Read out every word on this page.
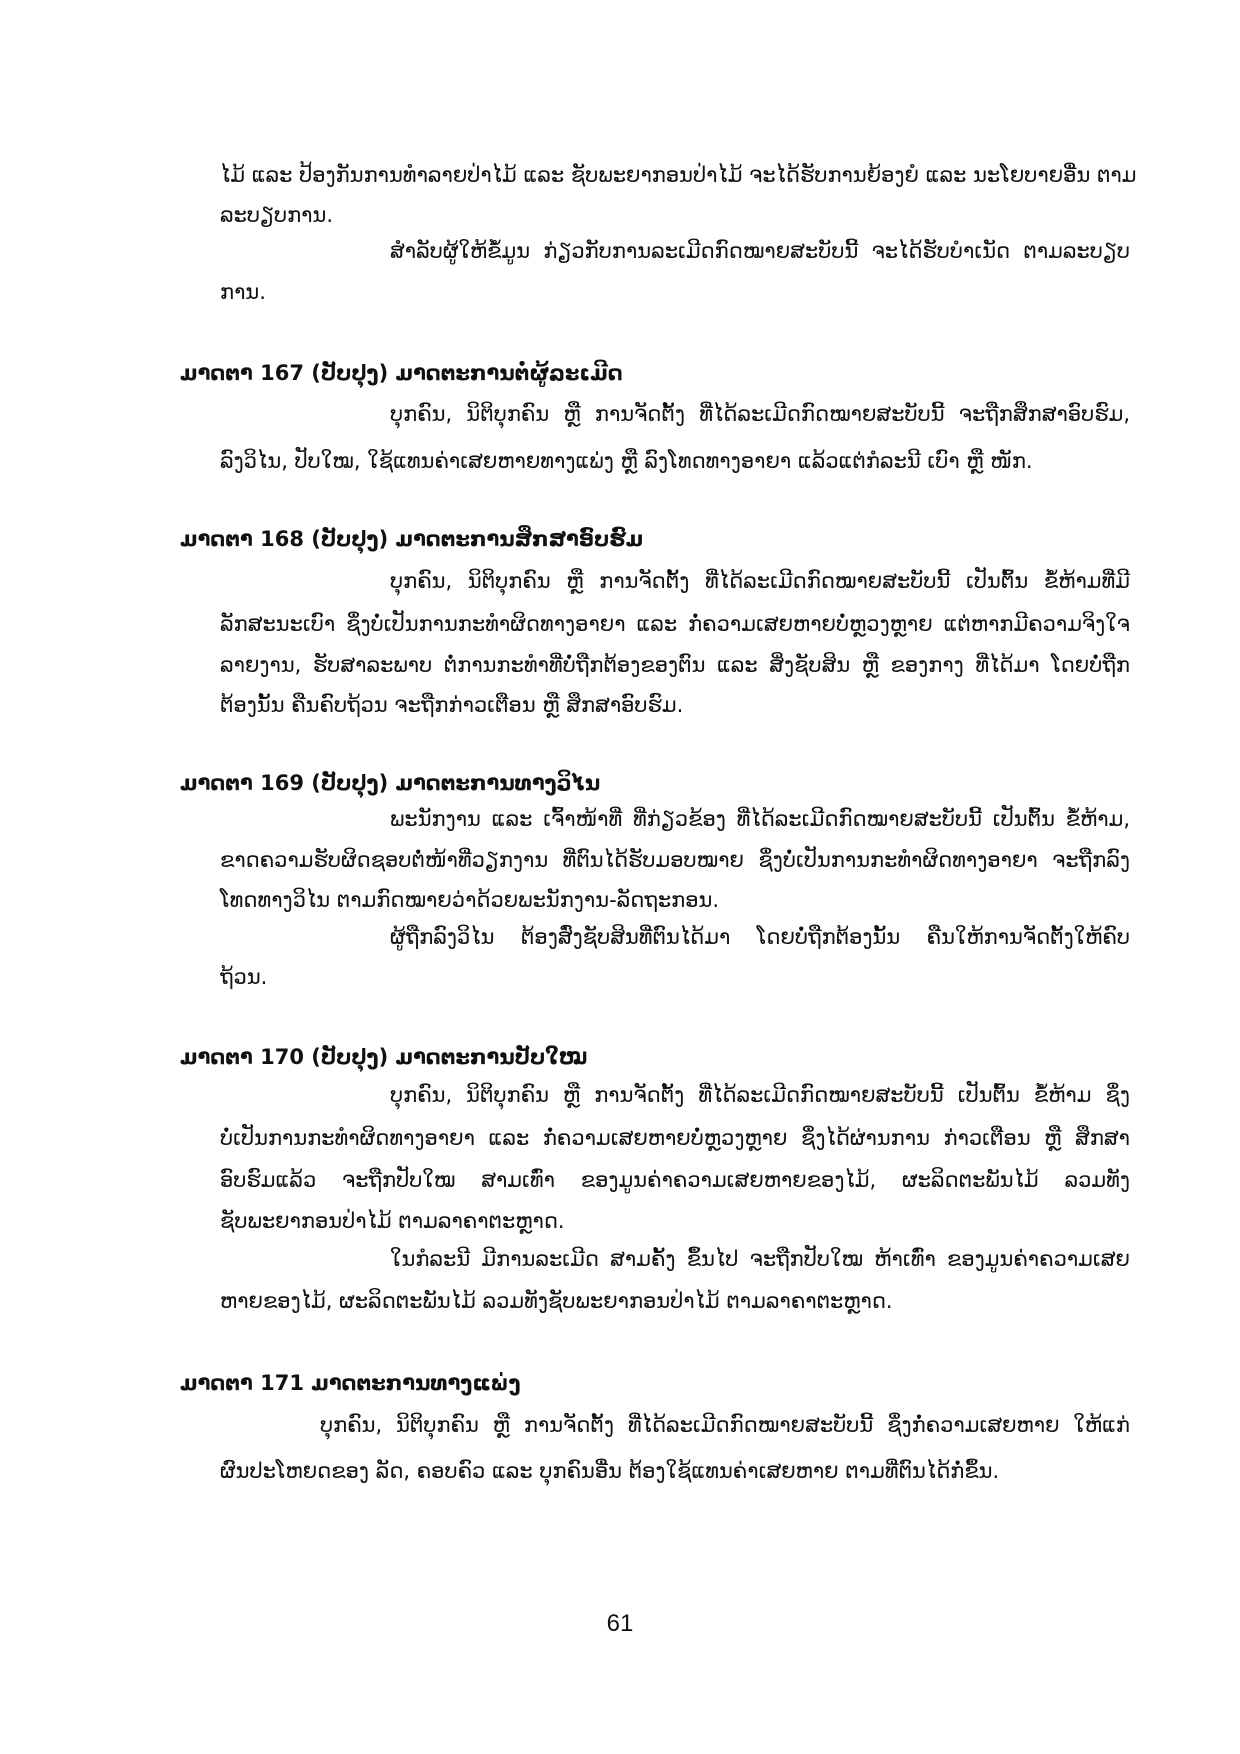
ໄມ້ ແລະ ປ້ອງກັນການທຳລາຍປ່າໄມ້ ແລະ ຊັບພະຍາກອນປ່າໄມ້ ຈະໄດ້ຮັບການຍ້ອງຍໍ ແລະ ນະໂຍບາຍອື່ນ ຕາມ
ລະບຽບການ.
ສຳລັບຜູ້ໃຫ້ຂໍ້ມູນ ກ່ຽວກັບການລະເມີດກົດໝາຍສະບັບນີ້ ຈະໄດ້ຮັບບຳເນັດ ຕາມລະບຽບ
ການ.
ມາດຕາ 167 (ປັບປຸງ) ມາດຕະການຕໍ່ຜູ້ລະເມີດ
ບຸກຄົນ, ນິຕິບຸກຄົນ ຫຼື ການຈັດຕັ້ງ ທີ່ໄດ້ລະເມີດກົດໝາຍສະບັບນີ້ ຈະຖືກສຶກສາອົບຮົມ,
ລົງວິໄນ, ປັບໃໝ, ໃຊ້ແທນຄ່າເສຍຫາຍທາງແພ່ງ ຫຼື ລົງໂທດທາງອາຍາ ແລ້ວແຕ່ກໍລະນີ ເບົາ ຫຼື ໜັກ.
ມາດຕາ 168 (ປັບປຸງ) ມາດຕະການສຶກສາອົບຮົມ
ບຸກຄົນ, ນິຕິບຸກຄົນ ຫຼື ການຈັດຕັ້ງ ທີ່ໄດ້ລະເມີດກົດໝາຍສະບັບນີ້ ເປັນຕົ້ນ ຂໍ້ຫ້າມທີ່ມີ
ລັກສະນະເບົາ ຊຶ່ງບໍ່ເປັນການກະທຳຜິດທາງອາຍາ ແລະ ກໍ່ຄວາມເສຍຫາຍບໍ່ຫຼວງຫຼາຍ ແຕ່ຫາກມີຄວາມຈິງໃຈ
ລາຍງານ, ຮັບສາລະພາບ ຕໍ່ການກະທຳທີ່ບໍ່ຖືກຕ້ອງຂອງຕົນ ແລະ ສິ່ງຊັບສິນ ຫຼື ຂອງກາງ ທີ່ໄດ້ມາ ໂດຍບໍ່ຖືກ
ຕ້ອງນັ້ນ ຄືນຄົບຖ້ວນ ຈະຖືກກ່າວເຕືອນ ຫຼື ສຶກສາອົບຮົມ.
ມາດຕາ 169 (ປັບປຸງ) ມາດຕະການທາງວິໄນ
ພະນັກງານ ແລະ ເຈົ້າໜ້າທີ່ ທີ່ກ່ຽວຂ້ອງ ທີ່ໄດ້ລະເມີດກົດໝາຍສະບັບນີ້ ເປັນຕົ້ນ ຂໍ້ຫ້າມ,
ຂາດຄວາມຮັບຜິດຊອບຕໍ່ໜ້າທີ່ວຽກງານ ທີ່ຕົນໄດ້ຮັບມອບໝາຍ ຊຶ່ງບໍ່ເປັນການກະທຳຜິດທາງອາຍາ ຈະຖືກລົງ
ໂທດທາງວິໄນ ຕາມກົດໝາຍວ່າດ້ວຍພະນັກງານ-ລັດຖະກອນ.
ຜູ້ຖືກລົງວິໄນ ຕ້ອງສົ່ງຊັບສິນທີ່ຕົນໄດ້ມາ ໂດຍບໍ່ຖືກຕ້ອງນັ້ນ ຄືນໃຫ້ການຈັດຕັ້ງໃຫ້ຄົບ
ຖ້ວນ.
ມາດຕາ 170 (ປັບປຸງ) ມາດຕະການປັບໃໝ
ບຸກຄົນ, ນິຕິບຸກຄົນ ຫຼື ການຈັດຕັ້ງ ທີ່ໄດ້ລະເມີດກົດໝາຍສະບັບນີ້ ເປັນຕົ້ນ ຂໍ້ຫ້າມ ຊຶ່ງ
ບໍ່ເປັນການກະທຳຜິດທາງອາຍາ ແລະ ກໍ່ຄວາມເສຍຫາຍບໍ່ຫຼວງຫຼາຍ ຊຶ່ງໄດ້ຜ່ານການ ກ່າວເຕືອນ ຫຼື ສຶກສາ
ອົບຮົມແລ້ວ ຈະຖືກປັບໃໝ ສາມເທົ່າ ຂອງມູນຄ່າຄວາມເສຍຫາຍຂອງໄມ້, ຜະລິດຕະພັນໄມ້ ລວມທັງ
ຊັບພະຍາກອນປ່າໄມ້ ຕາມລາຄາຕະຫຼາດ.
ໃນກໍລະນີ ມີການລະເມີດ ສາມຄັ້ງ ຂຶ້ນໄປ ຈະຖືກປັບໃໝ ຫ້າເທົ່າ ຂອງມູນຄ່າຄວາມເສຍ
ຫາຍຂອງໄມ້, ຜະລິດຕະພັນໄມ້ ລວມທັງຊັບພະຍາກອນປ່າໄມ້ ຕາມລາຄາຕະຫຼາດ.
ມາດຕາ 171 ມາດຕະການທາງແພ່ງ
ບຸກຄົນ, ນິຕິບຸກຄົນ ຫຼື ການຈັດຕັ້ງ ທີ່ໄດ້ລະເມີດກົດໝາຍສະບັບນີ້ ຊຶ່ງກໍ່ຄວາມເສຍຫາຍ ໃຫ້ແກ່
ຜົນປະໂຫຍດຂອງ ລັດ, ຄອບຄົວ ແລະ ບຸກຄົນອື່ນ ຕ້ອງໃຊ້ແທນຄ່າເສຍຫາຍ ຕາມທີ່ຕົນໄດ້ກໍ່ຂຶ້ນ.
61
